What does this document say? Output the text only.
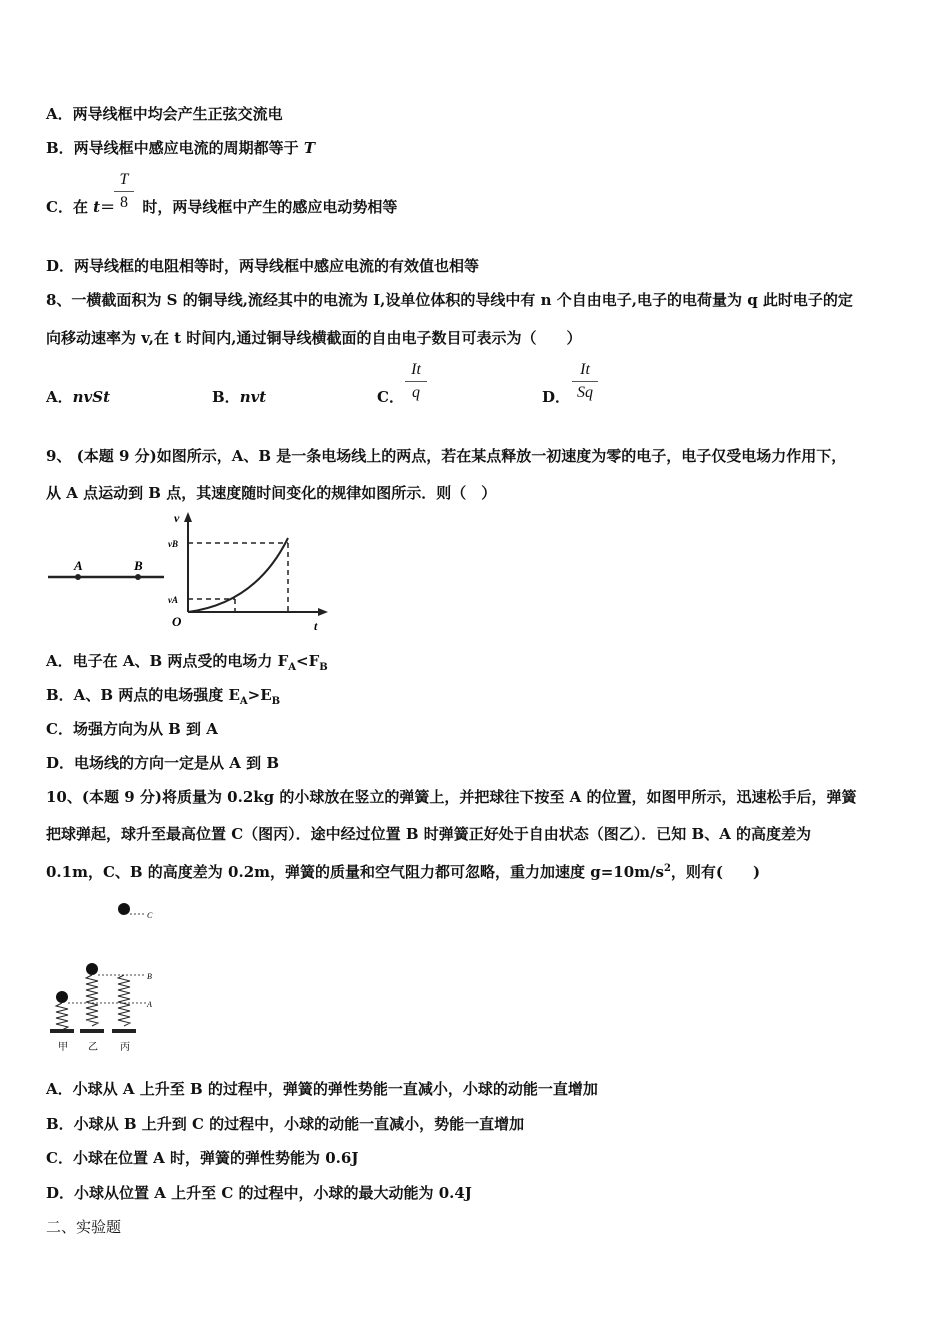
A．两导线框中均会产生正弦交流电
B．两导线框中感应电流的周期都等于 T
C．在 t＝ 时，两导线框中产生的感应电动势相等
$\frac{T}{8}$
D．两导线框的电阻相等时，两导线框中感应电流的有效值也相等
8、一横截面积为 S 的铜导线,流经其中的电流为 I,设单位体积的导线中有 n 个自由电子,电子的电荷量为 q 此时电子的定
向移动速率为 v,在 t 时间内,通过铜导线横截面的自由电子数目可表示为（　　）
A．nvSt	B．nvt	C． $\frac{It}{q}$	D． $\frac{It}{Sq}$
9、 (本题 9 分)如图所示，A、B 是一条电场线上的两点，若在某点释放一初速度为零的电子，电子仅受电场力作用下，
从 A 点运动到 B 点，其速度随时间变化的规律如图所示．则（　）
A	B
v
t
O
vB
vA
A．电子在 A、B 两点受的电场力 $F_A<F_B$
B．A、B 两点的电场强度 $E_A>E_B$
C．场强方向为从 B 到 A
D．电场线的方向一定是从 A 到 B
10、(本题 9 分)将质量为 0.2kg 的小球放在竖立的弹簧上，并把球往下按至 A 的位置，如图甲所示，迅速松手后，弹簧
把球弹起，球升至最高位置 C（图丙）．途中经过位置 B 时弹簧正好处于自由状态（图乙）．已知 B、A 的高度差为
0.1m，C、B 的高度差为 0.2m，弹簧的质量和空气阻力都可忽略，重力加速度 $g=10m/s^2$，则有(　　)
C
B
A
甲 乙 丙
A．小球从 A 上升至 B 的过程中，弹簧的弹性势能一直减小，小球的动能一直增加
B．小球从 B 上升到 C 的过程中，小球的动能一直减小，势能一直增加
C．小球在位置 A 时，弹簧的弹性势能为 0.6J
D．小球从位置 A 上升至 C 的过程中，小球的最大动能为 0.4J
二、实验题
